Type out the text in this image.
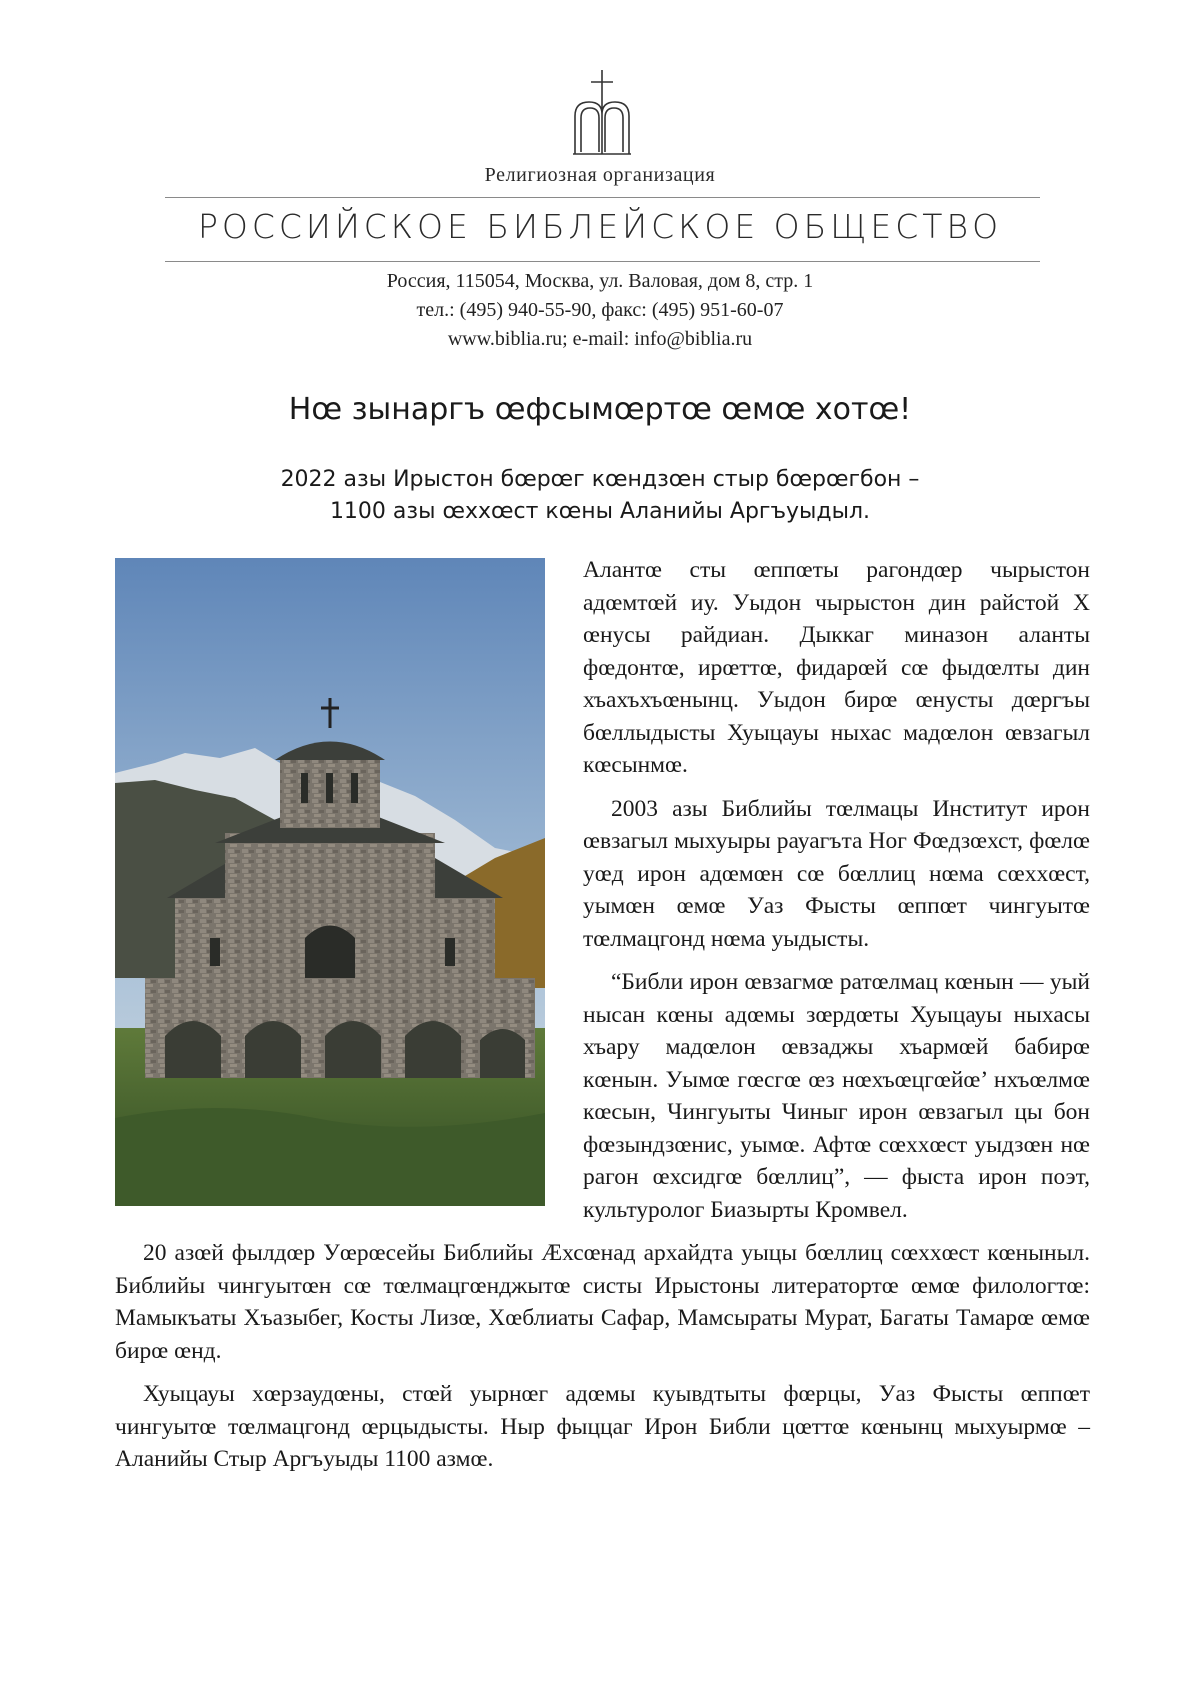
Религиозная организация
РОССИЙСКОЕ БИБЛЕЙСКОЕ ОБЩЕСТВО
Россия, 115054, Москва, ул. Валовая, дом 8, стр. 1
тел.: (495) 940-55-90, факс: (495) 951-60-07
www.biblia.ru; e-mail: info@biblia.ru
Нœ зынаргъ œфсымœртœ œмœ хотœ!
2022 азы Ирыстон бœрœг кœндзœн стыр бœрœгбон –
1100 азы œххœст кœны Аланийы Аргъуыдыл.

Алантœ сты œппœты рагондœр чырыстон адœмтœй иу. Уыдон чырыстон дин райстой X œнусы райдиан. Дыккаг миназон аланты фœдонтœ, ирœттœ, фидарœй сœ фыдœлты дин хъахъхъœнынц. Уыдон бирœ œнусты дœргъы бœллыдысты Хуыцауы ныхас мадœлон œвзагыл кœсынмœ.

2003 азы Библийы тœлмацы Институт ирон œвзагыл мыхуыры рауагъта Ног Фœдзœхст, фœлœ уœд ирон адœмœн сœ бœллиц нœма сœххœст, уымœн œмœ Уаз Фысты œппœт чингуытœ тœлмацгонд нœма уыдысты.

“Библи ирон œвзагмœ ратœлмац кœнын — уый нысан кœны адœмы зœрдœты Хуыцауы ныхасы хъару мадœлон œвзаджы хъармœй бабирœ кœнын. Уымœ гœсгœ œз нœхъœцгœйœ’ нхъœлмœ кœсын, Чингуыты Чиныг ирон œвзагыл цы бон фœзындзœнис, уымœ. Афтœ сœххœст уыдзœн нœ рагон œхсидгœ бœллиц”, — фыста ирон поэт, культуролог Биазырты Кромвел.

20 азœй фылдœр Уœрœсейы Библийы Æхсœнад архайдта уыцы бœллиц сœххœст кœныныл. Библийы чингуытœн сœ тœлмацгœнджытœ систы Ирыстоны литератортœ œмœ филологтœ: Мамыкъаты Хъазыбег, Косты Лизœ, Хœблиаты Сафар, Мамсыраты Мурат, Багаты Тамарœ œмœ бирœ œнд.

Хуыцауы хœрзаудœны, стœй уырнœг адœмы куывдтыты фœрцы, Уаз Фысты œппœт чингуытœ тœлмацгонд œрцыдысты. Ныр фыццаг Ирон Библи цœттœ кœнынц мыхуырмœ – Аланийы Стыр Аргъуыды 1100 азмœ.
